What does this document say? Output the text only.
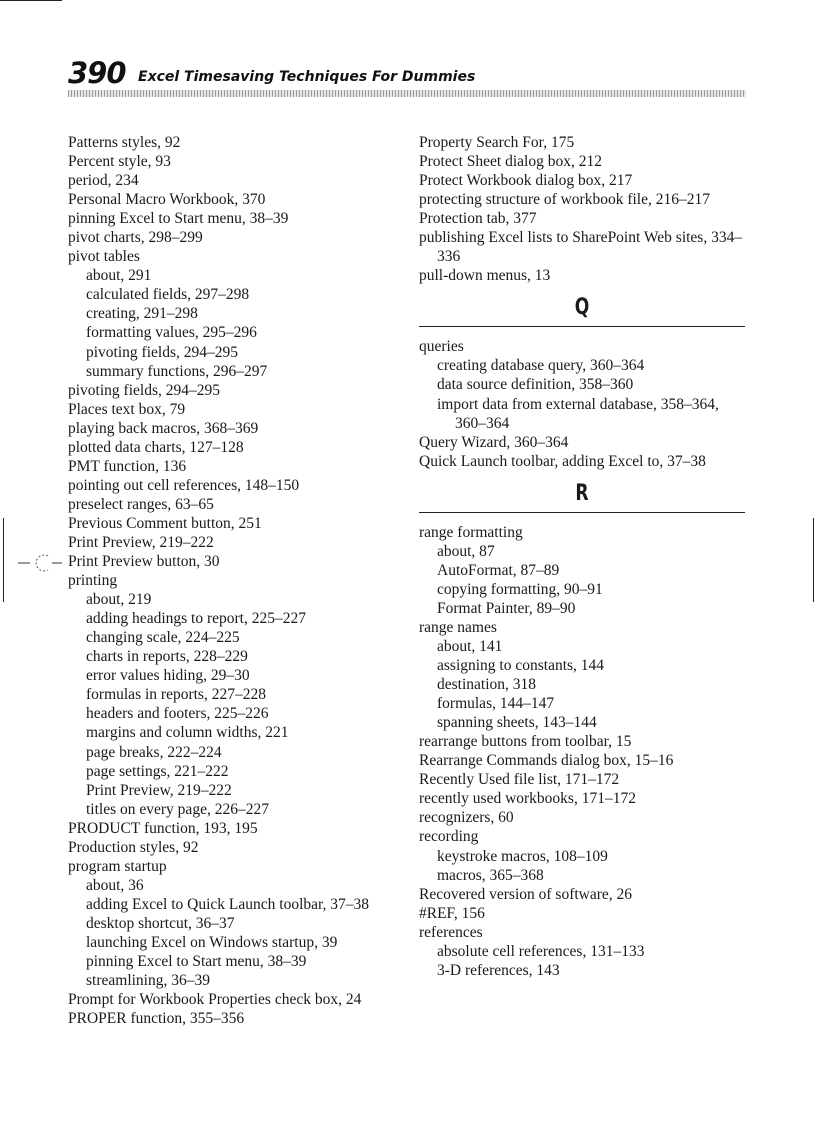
390 Excel Timesaving Techniques For Dummies
Patterns styles, 92
Percent style, 93
period, 234
Personal Macro Workbook, 370
pinning Excel to Start menu, 38–39
pivot charts, 298–299
pivot tables
about, 291
calculated fields, 297–298
creating, 291–298
formatting values, 295–296
pivoting fields, 294–295
summary functions, 296–297
pivoting fields, 294–295
Places text box, 79
playing back macros, 368–369
plotted data charts, 127–128
PMT function, 136
pointing out cell references, 148–150
preselect ranges, 63–65
Previous Comment button, 251
Print Preview, 219–222
Print Preview button, 30
printing
about, 219
adding headings to report, 225–227
changing scale, 224–225
charts in reports, 228–229
error values hiding, 29–30
formulas in reports, 227–228
headers and footers, 225–226
margins and column widths, 221
page breaks, 222–224
page settings, 221–222
Print Preview, 219–222
titles on every page, 226–227
PRODUCT function, 193, 195
Production styles, 92
program startup
about, 36
adding Excel to Quick Launch toolbar, 37–38
desktop shortcut, 36–37
launching Excel on Windows startup, 39
pinning Excel to Start menu, 38–39
streamlining, 36–39
Prompt for Workbook Properties check box, 24
PROPER function, 355–356
Property Search For, 175
Protect Sheet dialog box, 212
Protect Workbook dialog box, 217
protecting structure of workbook file, 216–217
Protection tab, 377
publishing Excel lists to SharePoint Web sites, 334–336
pull-down menus, 13
Q
queries
creating database query, 360–364
data source definition, 358–360
import data from external database, 358–364, 360–364
Query Wizard, 360–364
Quick Launch toolbar, adding Excel to, 37–38
R
range formatting
about, 87
AutoFormat, 87–89
copying formatting, 90–91
Format Painter, 89–90
range names
about, 141
assigning to constants, 144
destination, 318
formulas, 144–147
spanning sheets, 143–144
rearrange buttons from toolbar, 15
Rearrange Commands dialog box, 15–16
Recently Used file list, 171–172
recently used workbooks, 171–172
recognizers, 60
recording
keystroke macros, 108–109
macros, 365–368
Recovered version of software, 26
#REF, 156
references
absolute cell references, 131–133
3-D references, 143
